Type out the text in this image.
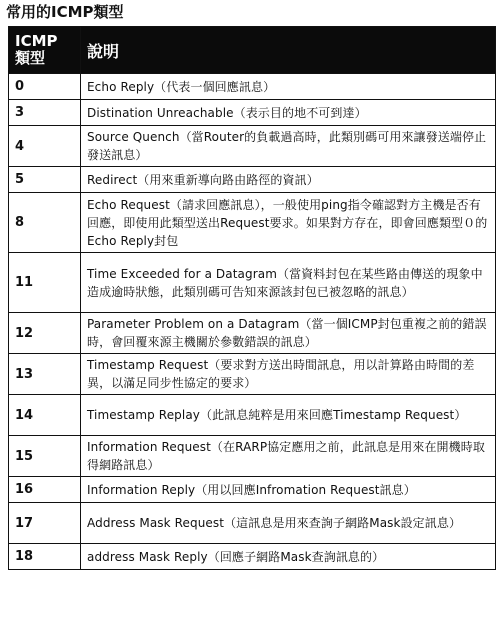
常用的ICMP類型
ICMP
類型	說明
0	Echo Reply（代表一個回應訊息）
3	Distination Unreachable（表示目的地不可到達）
4	Source Quench（當Router的負載過高時，此類別碼可用來讓發送端停止發送訊息）
5	Redirect（用來重新導向路由路徑的資訊）
8	Echo Request（請求回應訊息），一般使用ping指令確認對方主機是否有回應，即使用此類型送出Request要求。如果對方存在，即會回應類型０的Echo Reply封包
11	Time Exceeded for a Datagram（當資料封包在某些路由傳送的現象中造成逾時狀態，此類別碼可告知來源該封包已被忽略的訊息）
12	Parameter Problem on a Datagram（當一個ICMP封包重複之前的錯誤時，會回覆來源主機關於參數錯誤的訊息）
13	Timestamp Request（要求對方送出時間訊息，用以計算路由時間的差異，以滿足同步性協定的要求）
14	Timestamp Replay（此訊息純粹是用來回應Timestamp Request）
15	Information Request（在RARP協定應用之前，此訊息是用來在開機時取得網路訊息）
16	Information Reply（用以回應Infromation Request訊息）
17	Address Mask Request（這訊息是用來查詢子網路Mask設定訊息）
18	address Mask Reply（回應子網路Mask查詢訊息的）
